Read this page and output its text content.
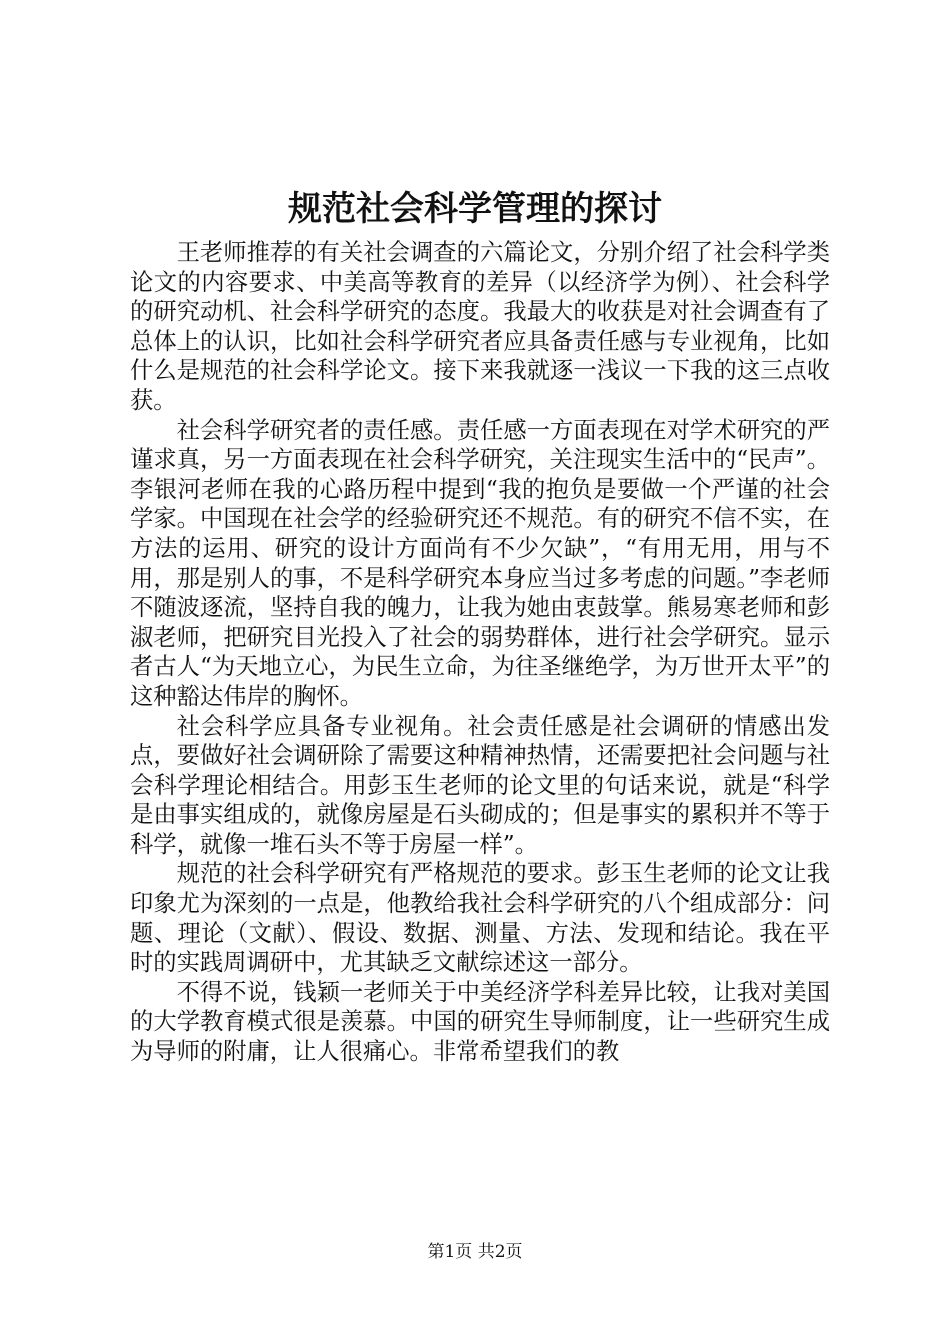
规范社会科学管理的探讨

王老师推荐的有关社会调查的六篇论文，分别介绍了社会科学类论文的内容要求、中美高等教育的差异（以经济学为例）、社会科学的研究动机、社会科学研究的态度。我最大的收获是对社会调查有了总体上的认识，比如社会科学研究者应具备责任感与专业视角，比如什么是规范的社会科学论文。接下来我就逐一浅议一下我的这三点收获。

社会科学研究者的责任感。责任感一方面表现在对学术研究的严谨求真，另一方面表现在社会科学研究，关注现实生活中的“民声”。李银河老师在我的心路历程中提到“我的抱负是要做一个严谨的社会学家。中国现在社会学的经验研究还不规范。有的研究不信不实，在方法的运用、研究的设计方面尚有不少欠缺”，“有用无用，用与不用，那是别人的事，不是科学研究本身应当过多考虑的问题。”李老师不随波逐流，坚持自我的魄力，让我为她由衷鼓掌。熊易寒老师和彭淑老师，把研究目光投入了社会的弱势群体，进行社会学研究。显示者古人“为天地立心，为民生立命，为往圣继绝学，为万世开太平”的这种豁达伟岸的胸怀。

社会科学应具备专业视角。社会责任感是社会调研的情感出发点，要做好社会调研除了需要这种精神热情，还需要把社会问题与社会科学理论相结合。用彭玉生老师的论文里的句话来说，就是“科学是由事实组成的，就像房屋是石头砌成的；但是事实的累积并不等于科学，就像一堆石头不等于房屋一样”。

规范的社会科学研究有严格规范的要求。彭玉生老师的论文让我印象尤为深刻的一点是，他教给我社会科学研究的八个组成部分：问题、理论（文献）、假设、数据、测量、方法、发现和结论。我在平时的实践周调研中，尤其缺乏文献综述这一部分。

不得不说，钱颖一老师关于中美经济学科差异比较，让我对美国的大学教育模式很是羡慕。中国的研究生导师制度，让一些研究生成为导师的附庸，让人很痛心。非常希望我们的教

第1页 共2页
